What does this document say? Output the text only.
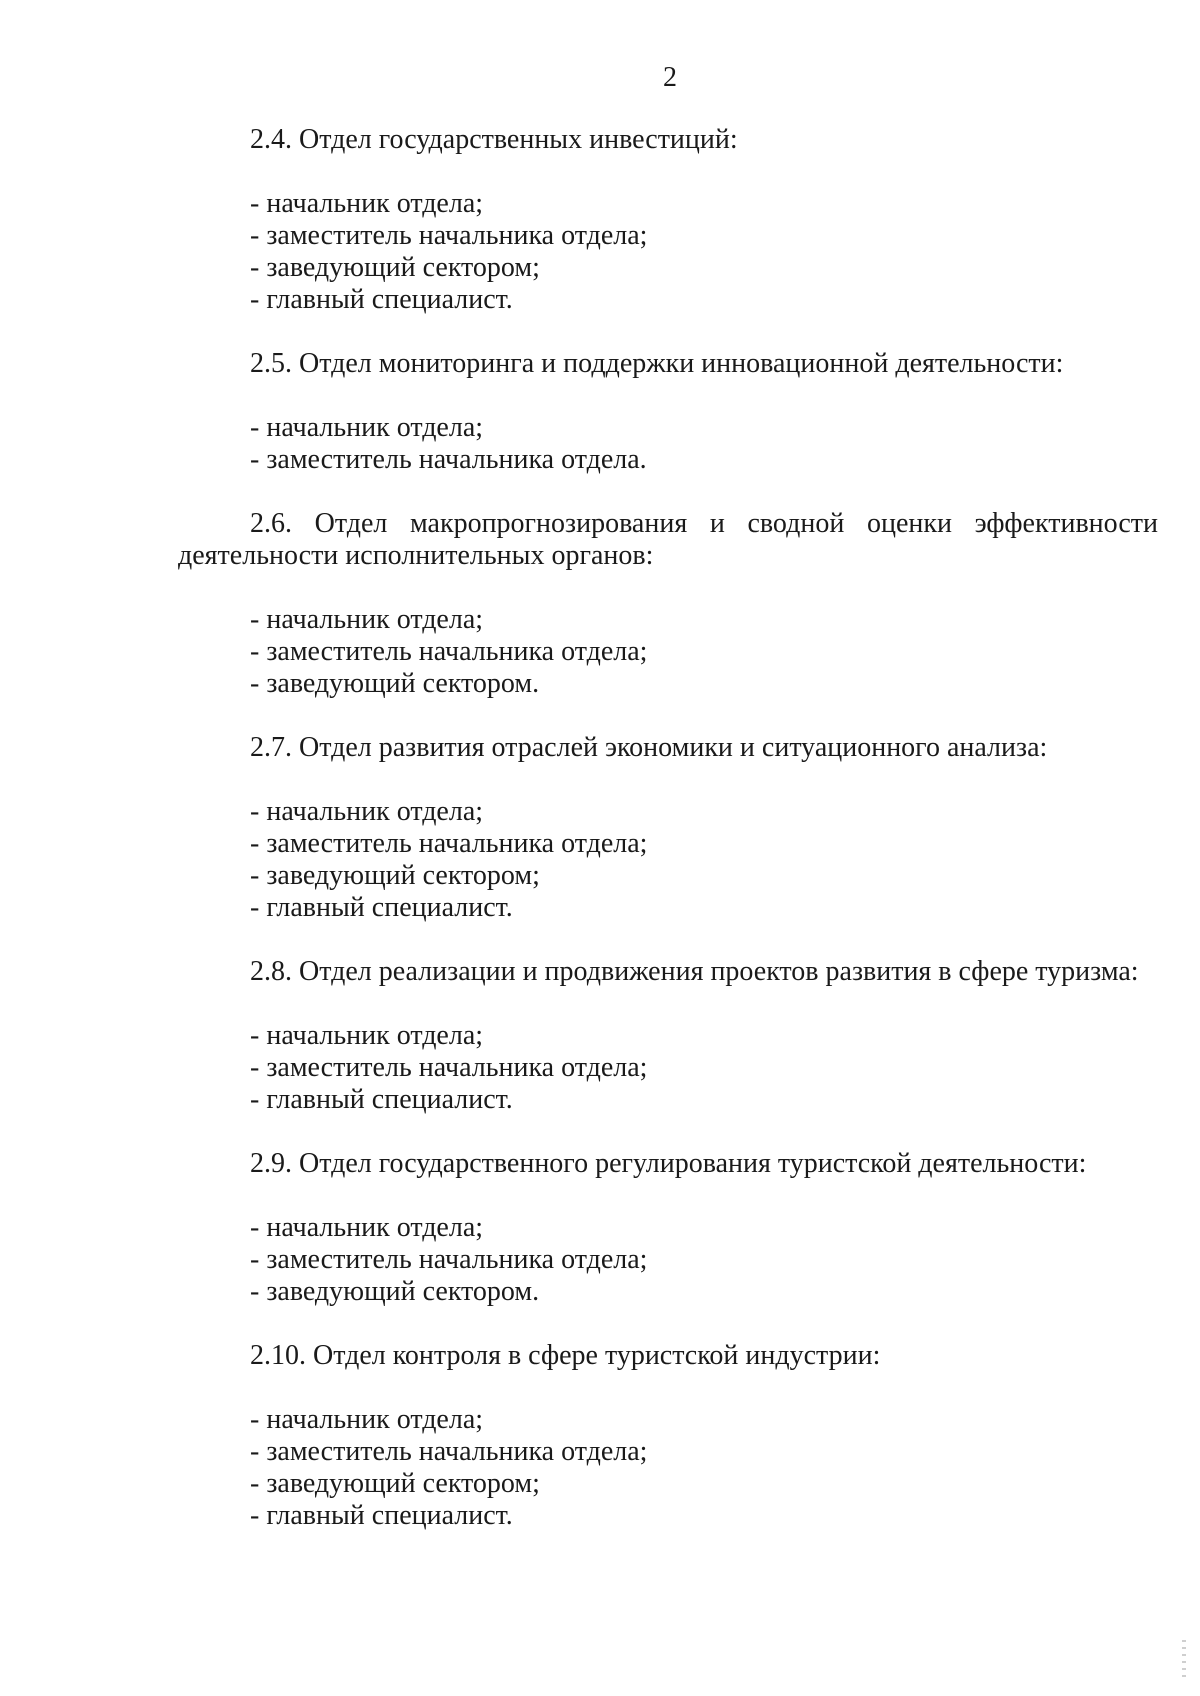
2

2.4. Отдел государственных инвестиций:

- начальник отдела;
- заместитель начальника отдела;
- заведующий сектором;
- главный специалист.

2.5. Отдел мониторинга и поддержки инновационной деятельности:

- начальник отдела;
- заместитель начальника отдела.

2.6. Отдел макропрогнозирования и сводной оценки эффективности деятельности исполнительных органов:

- начальник отдела;
- заместитель начальника отдела;
- заведующий сектором.

2.7. Отдел развития отраслей экономики и ситуационного анализа:

- начальник отдела;
- заместитель начальника отдела;
- заведующий сектором;
- главный специалист.

2.8. Отдел реализации и продвижения проектов развития в сфере туризма:

- начальник отдела;
- заместитель начальника отдела;
- главный специалист.

2.9. Отдел государственного регулирования туристской деятельности:

- начальник отдела;
- заместитель начальника отдела;
- заведующий сектором.

2.10. Отдел контроля в сфере туристской индустрии:

- начальник отдела;
- заместитель начальника отдела;
- заведующий сектором;
- главный специалист.
